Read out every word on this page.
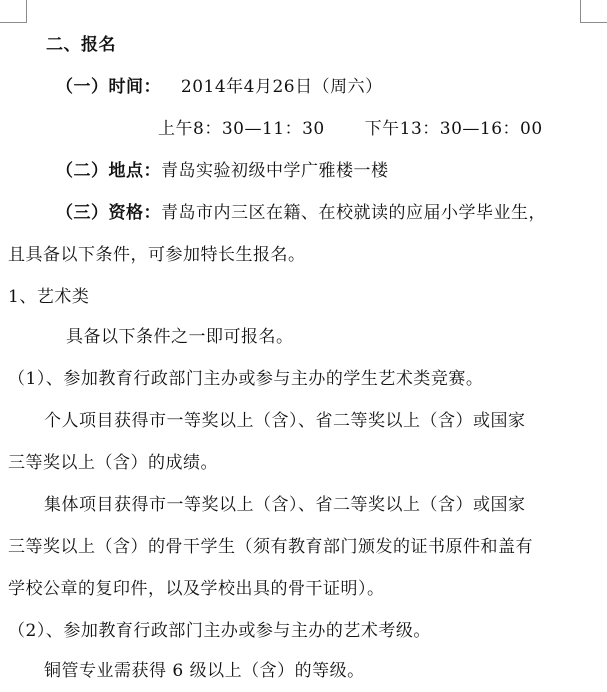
二、报名
（一）时间： 2014年4月26日（周六）
上午8：30—11：30 下午13：30—16：00
（二）地点：青岛实验初级中学广雅楼一楼
（三）资格：青岛市内三区在籍、在校就读的应届小学毕业生，
且具备以下条件，可参加特长生报名。
1、艺术类
具备以下条件之一即可报名。
（1）、参加教育行政部门主办或参与主办的学生艺术类竞赛。
个人项目获得市一等奖以上（含）、省二等奖以上（含）或国家
三等奖以上（含）的成绩。
集体项目获得市一等奖以上（含）、省二等奖以上（含）或国家
三等奖以上（含）的骨干学生（须有教育部门颁发的证书原件和盖有
学校公章的复印件，以及学校出具的骨干证明）。
（2）、参加教育行政部门主办或参与主办的艺术考级。
铜管专业需获得 6 级以上（含）的等级。
